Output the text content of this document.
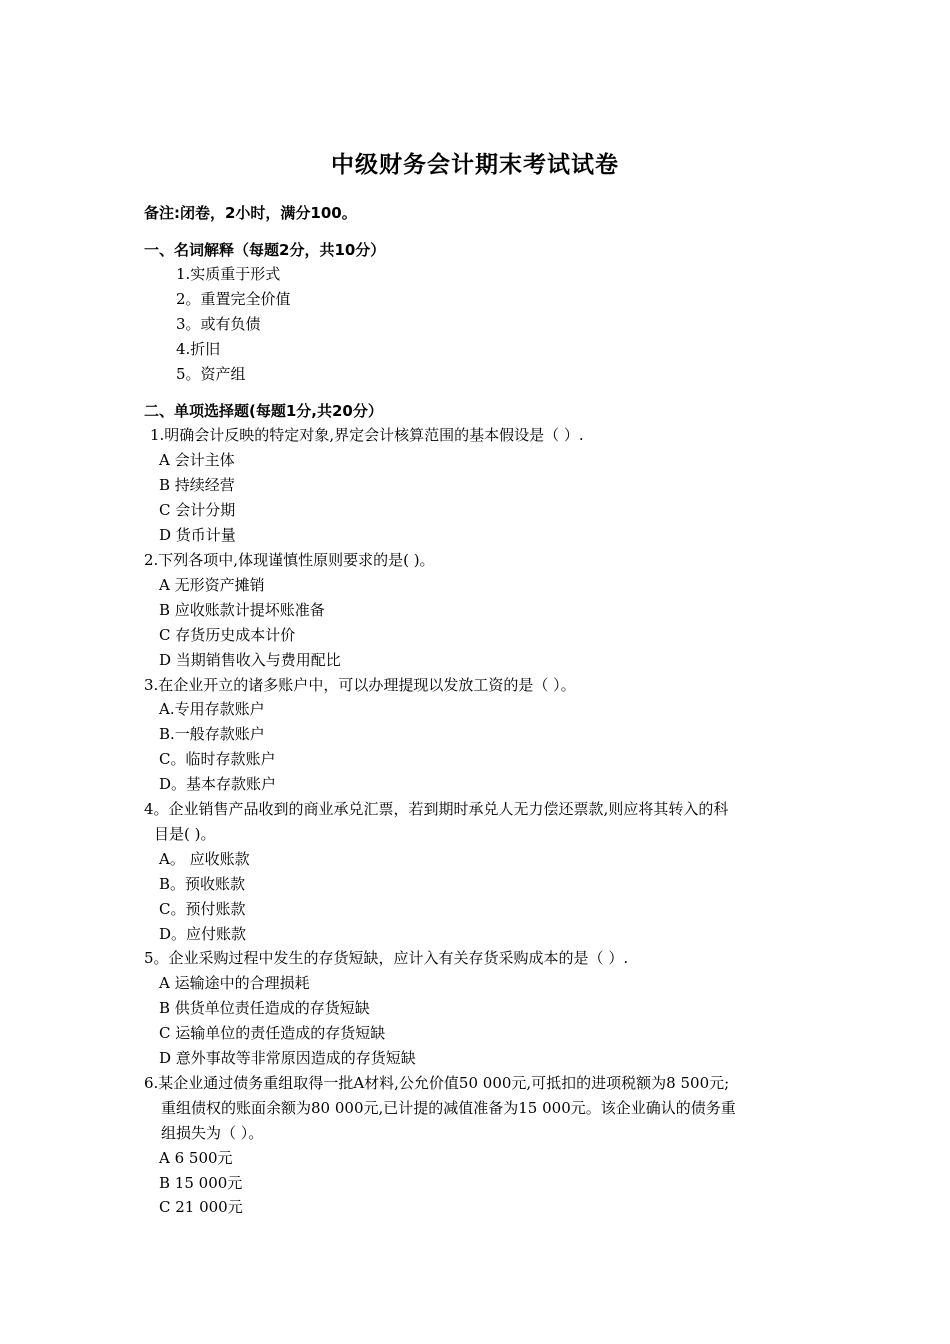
中级财务会计期末考试试卷
备注:闭卷，2小时，满分100。
一、名词解释（每题2分，共10分）
1.实质重于形式
2。重置完全价值
3。或有负债
4.折旧
5。资产组
二、单项选择题(每题1分,共20分）
1.明确会计反映的特定对象,界定会计核算范围的基本假设是（ ）.
A 会计主体
B 持续经营
C 会计分期
D 货币计量
2.下列各项中,体现谨慎性原则要求的是( )。
A 无形资产摊销
B 应收账款计提坏账准备
C 存货历史成本计价
D 当期销售收入与费用配比
3.在企业开立的诸多账户中，可以办理提现以发放工资的是（ ）。
A.专用存款账户
B.一般存款账户
C。临时存款账户
D。基本存款账户
4。企业销售产品收到的商业承兑汇票，若到期时承兑人无力偿还票款,则应将其转入的科
目是( )。
A。 应收账款
B。预收账款
C。预付账款
D。应付账款
5。企业采购过程中发生的存货短缺，应计入有关存货采购成本的是（ ）.
A 运输途中的合理损耗
B 供货单位责任造成的存货短缺
C 运输单位的责任造成的存货短缺
D 意外事故等非常原因造成的存货短缺
6.某企业通过债务重组取得一批A材料,公允价值50 000元,可抵扣的进项税额为8 500元;
重组债权的账面余额为80 000元,已计提的减值准备为15 000元。该企业确认的债务重
组损失为（ ）。
A 6 500元
B 15 000元
C 21 000元
